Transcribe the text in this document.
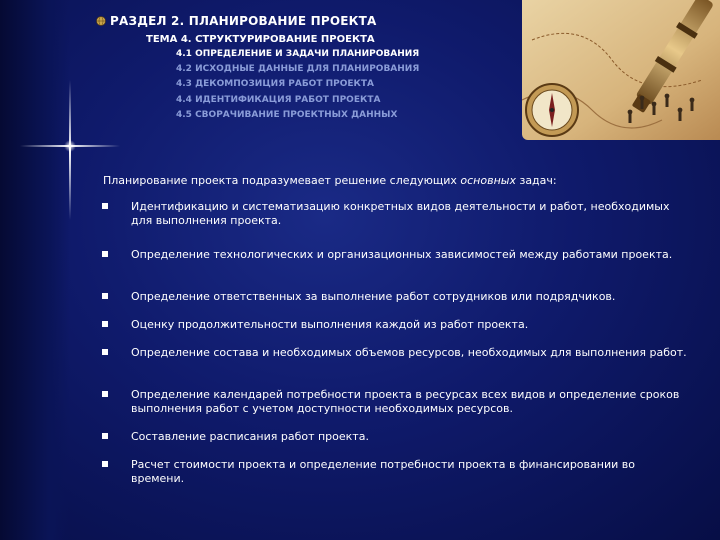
РАЗДЕЛ 2. ПЛАНИРОВАНИЕ ПРОЕКТА
ТЕМА 4. СТРУКТУРИРОВАНИЕ ПРОЕКТА
4.1 ОПРЕДЕЛЕНИЕ И ЗАДАЧИ ПЛАНИРОВАНИЯ
4.2 ИСХОДНЫЕ ДАННЫЕ ДЛЯ ПЛАНИРОВАНИЯ
4.3 ДЕКОМПОЗИЦИЯ РАБОТ ПРОЕКТА
4.4 ИДЕНТИФИКАЦИЯ РАБОТ ПРОЕКТА
4.5 СВОРАЧИВАНИЕ ПРОЕКТНЫХ ДАННЫХ
Планирование проекта подразумевает решение следующих основных задач:
Идентификацию и систематизацию конкретных видов деятельности и работ, необходимых для выполнения проекта.
Определение технологических и организационных зависимостей между работами проекта.
Определение ответственных за выполнение работ сотрудников или подрядчиков.
Оценку продолжительности выполнения каждой из работ проекта.
Определение состава и необходимых объемов ресурсов, необходимых для выполнения работ.
Определение календарей потребности проекта в ресурсах всех видов и определение сроков выполнения работ с учетом доступности необходимых ресурсов.
Составление расписания работ проекта.
Расчет стоимости проекта и определение потребности проекта в финансировании во времени.
